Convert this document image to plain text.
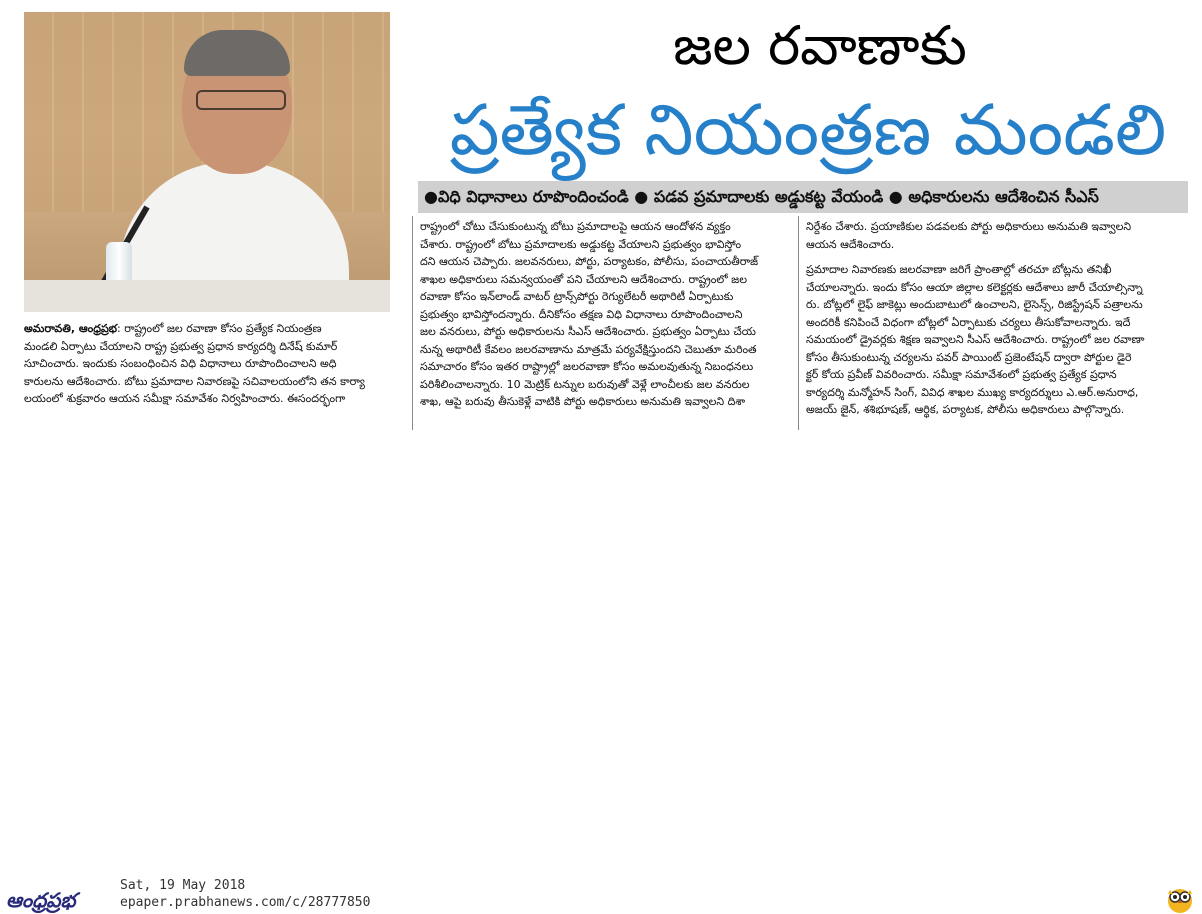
జల రవాణాకు
ప్రత్యేక నియంత్రణ మండలి
●విధి విధానాలు రూపొందించండి ● పడవ ప్రమాదాలకు అడ్డుకట్ట వేయండి ● అధికారులను ఆదేశించిన సీఎస్

అమరావతి, ఆంధ్రప్రభ: రాష్ట్రంలో జల రవాణా కోసం ప్రత్యేక నియంత్రణ

మండలి ఏర్పాటు చేయాలని రాష్ట్ర ప్రభుత్వ ప్రధాన కార్యదర్శి దినేష్ కుమార్

సూచించారు. ఇందుకు సంబంధించిన విధి విధానాలు రూపొందించాలని అధి

కారులను ఆదేశించారు. బోటు ప్రమాదాల నివారణపై సచివాలయంలోని తన కార్యా

లయంలో శుక్రవారం ఆయన సమీక్షా సమావేశం నిర్వహించారు. ఈసందర్భంగా

రాష్ట్రంలో చోటు చేసుకుంటున్న బోటు ప్రమాదాలపై ఆయన ఆందోళన వ్యక్తం

చేశారు. రాష్ట్రంలో బోటు ప్రమాదాలకు అడ్డుకట్ట వేయాలని ప్రభుత్వం భావిస్తోం

దని ఆయన చెప్పారు. జలవనరులు, పోర్టు, పర్యాటకం, పోలీసు, పంచాయతీరాజ్

శాఖల అధికారులు సమన్వయంతో పని చేయాలని ఆదేశించారు. రాష్ట్రంలో జల

రవాణా కోసం ఇన్‌లాండ్ వాటర్ ట్రాన్స్‌పోర్టు రెగ్యులేటరీ అథారిటీ ఏర్పాటుకు

ప్రభుత్వం భావిస్తోందన్నారు. దీనికోసం తక్షణ విధి విధానాలు రూపొందించాలని

జల వనరులు, పోర్టు అధికారులను సీఎస్ ఆదేశించారు. ప్రభుత్వం ఏర్పాటు చేయ

నున్న అథారిటీ కేవలం జలరవాణాను మాత్రమే పర్యవేక్షిస్తుందని చెబుతూ మరింత

సమాచారం కోసం ఇతర రాష్ట్రాల్లో జలరవాణా కోసం అమలవుతున్న నిబంధనలు

పరిశీలించాలన్నారు. 10 మెట్రిక్ టన్నుల బరువుతో వెళ్లే లాంచీలకు జల వనరుల

శాఖ, ఆపై బరువు తీసుకెళ్లే వాటికి పోర్టు అధికారులు అనుమతి ఇవ్వాలని దిశా

నిర్దేశం చేశారు. ప్రయాణికుల పడవలకు పోర్టు అధికారులు అనుమతి ఇవ్వాలని

ఆయన ఆదేశించారు.

ప్రమాదాల నివారణకు జలరవాణా జరిగే ప్రాంతాల్లో తరచూ బోట్లను తనిఖీ

చేయాలన్నారు. ఇందు కోసం ఆయా జిల్లాల కలెక్టర్లకు ఆదేశాలు జారీ చేయాల్సిన్నా

రు. బోట్లలో లైఫ్ జాకెట్లు అందుబాటులో ఉంచాలని, లైసెన్స్, రిజిస్ట్రేషన్ పత్రాలను

అందరికీ కనిపించే విధంగా బోట్లలో ఏర్పాటుకు చర్యలు తీసుకోవాలన్నారు. ఇదే

సమయంలో డ్రైవర్లకు శిక్షణ ఇవ్వాలని సీఎస్ ఆదేశించారు. రాష్ట్రంలో జల రవాణా

కోసం తీసుకుంటున్న చర్యలను పవర్ పాయింట్ ప్రజెంటేషన్ ద్వారా పోర్టుల డైరె

క్టర్ కోయ ప్రవీణ్ వివరించారు. సమీక్షా సమావేశంలో ప్రభుత్వ ప్రత్యేక ప్రధాన

కార్యదర్శి మన్మోహన్ సింగ్, వివిధ శాఖల ముఖ్య కార్యదర్శులు ఎ.ఆర్.అనురాధ,

అజయ్ జైన్, శశిభూషణ్, ఆర్థిక, పర్యాటక, పోలీసు అధికారులు పాల్గొన్నారు.

ఆంధ్రప్రభ
Sat, 19 May 2018
epaper.prabhanews.com/c/28777850
